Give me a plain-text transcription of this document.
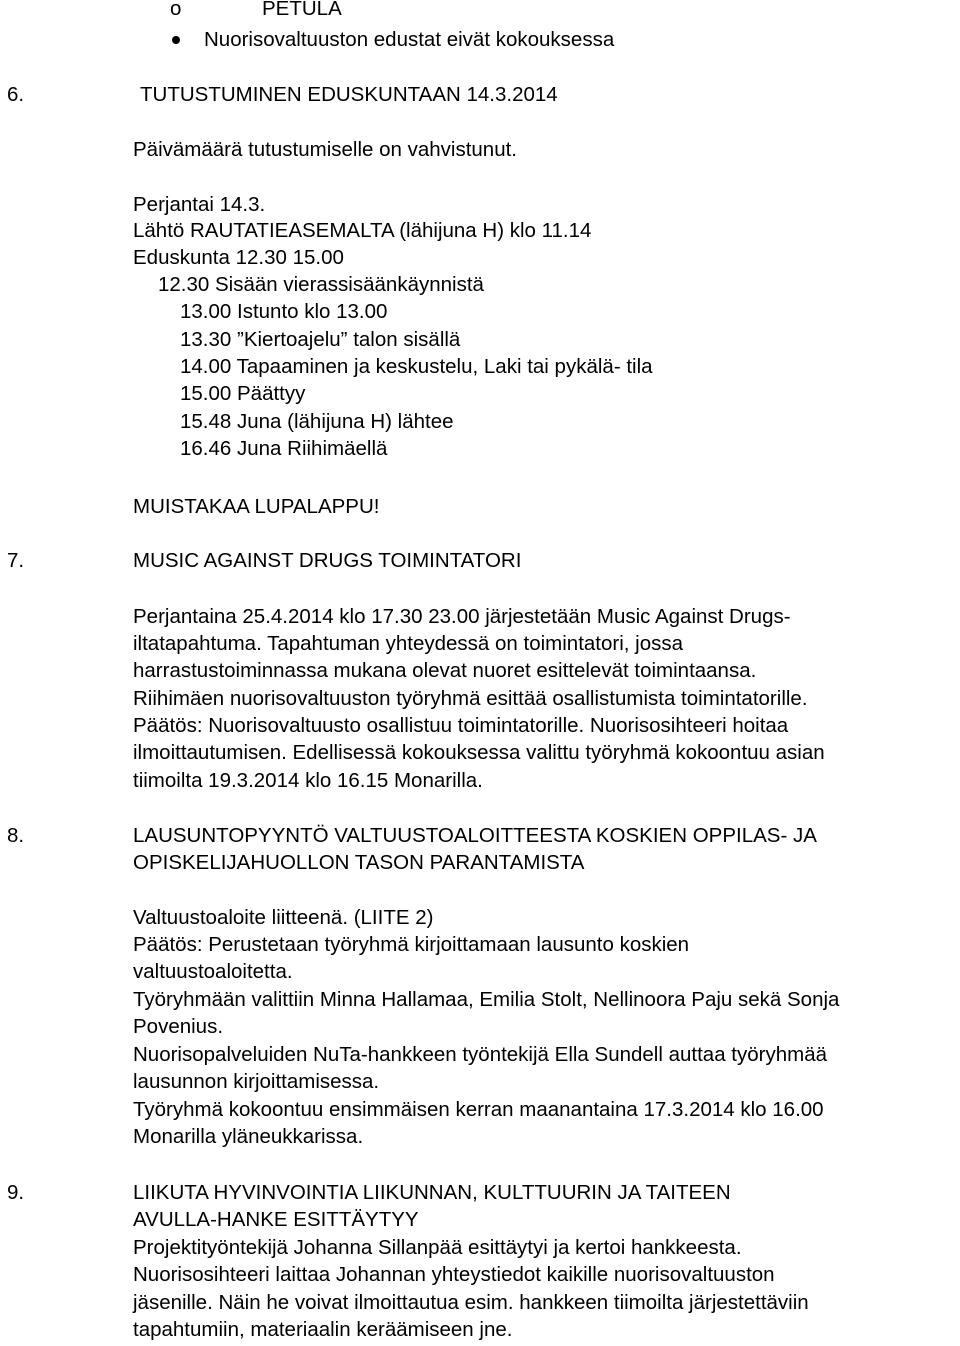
o	PETULA
Nuorisovaltuuston edustat eivät kokouksessa
6.	TUTUSTUMINEN EDUSKUNTAAN 14.3.2014
Päivämäärä tutustumiselle on vahvistunut.
Perjantai 14.3.
Lähtö RAUTATIEASEMALTA (lähijuna H) klo 11.14
Eduskunta 12.30 15.00
12.30 Sisään vierassisäänkäynnistä
13.00 Istunto klo 13.00
13.30 ”Kiertoajelu” talon sisällä
14.00 Tapaaminen ja keskustelu, Laki tai pykälä- tila
15.00 Päättyy
15.48 Juna (lähijuna H) lähtee
16.46 Juna Riihimäellä
MUISTAKAA LUPALAPPU!
7.	MUSIC AGAINST DRUGS TOIMINTATORI
Perjantaina 25.4.2014 klo 17.30 23.00 järjestetään Music Against Drugs-
iltatapahtuma. Tapahtuman yhteydessä on toimintatori, jossa
harrastustoiminnassa mukana olevat nuoret esittelevät toimintaansa.
Riihimäen nuorisovaltuuston työryhmä esittää osallistumista toimintatorille.
Päätös: Nuorisovaltuusto osallistuu toimintatorille. Nuorisosihteeri hoitaa
ilmoittautumisen. Edellisessä kokouksessa valittu työryhmä kokoontuu asian
tiimoilta 19.3.2014 klo 16.15 Monarilla.
8.	LAUSUNTOPYYNTÖ VALTUUSTOALOITTEESTA KOSKIEN OPPILAS- JA
OPISKELIJAHUOLLON TASON PARANTAMISTA
Valtuustoaloite liitteenä. (LIITE 2)
Päätös: Perustetaan työryhmä kirjoittamaan lausunto koskien
valtuustoaloitetta.
Työryhmään valittiin Minna Hallamaa, Emilia Stolt, Nellinoora Paju sekä Sonja
Povenius.
Nuorisopalveluiden NuTa-hankkeen työntekijä Ella Sundell auttaa työryhmää
lausunnon kirjoittamisessa.
Työryhmä kokoontuu ensimmäisen kerran maanantaina 17.3.2014 klo 16.00
Monarilla yläneukkarissa.
9.	LIIKUTA HYVINVOINTIA LIIKUNNAN, KULTTUURIN JA TAITEEN
AVULLA-HANKE ESITTÄYTYY
Projektityöntekijä Johanna Sillanpää esittäytyi ja kertoi hankkeesta.
Nuorisosihteeri laittaa Johannan yhteystiedot kaikille nuorisovaltuuston
jäsenille. Näin he voivat ilmoittautua esim. hankkeen tiimoilta järjestettäviin
tapahtumiin, materiaalin keräämiseen jne.
